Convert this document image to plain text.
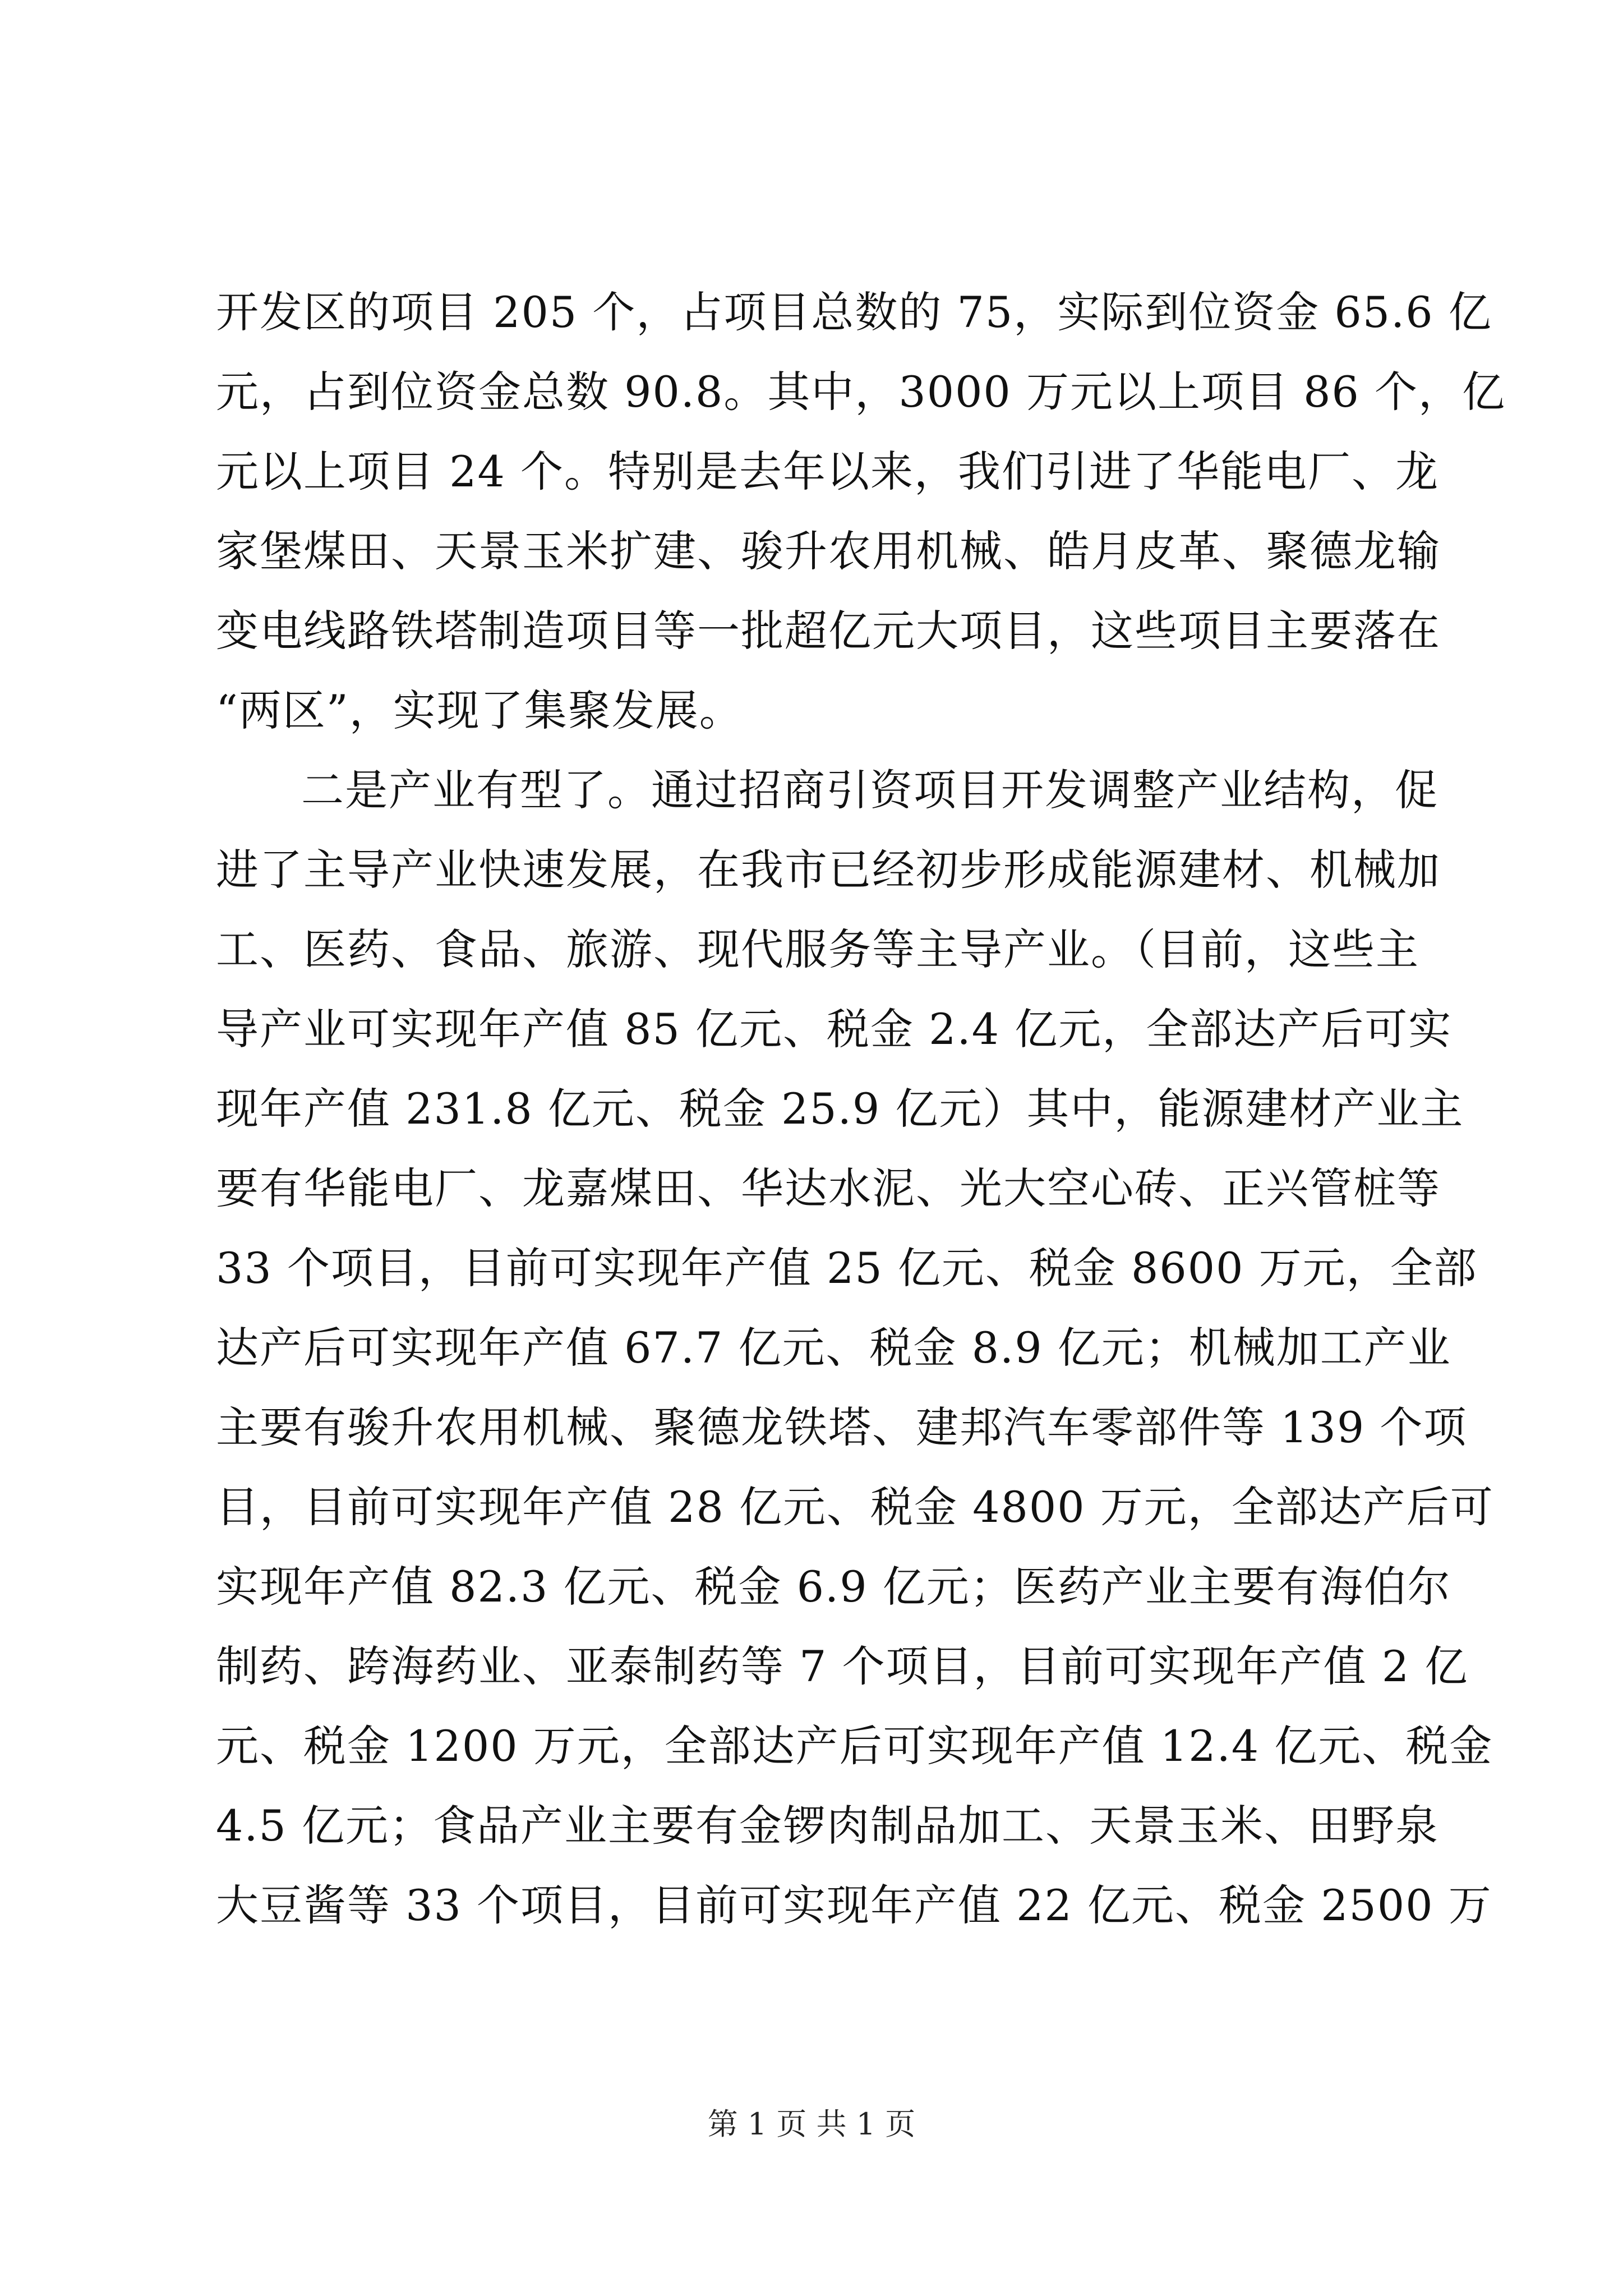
开发区的项目 205 个，占项目总数的 75，实际到位资金 65.6 亿
元，占到位资金总数 90.8。其中，3000 万元以上项目 86 个，亿
元以上项目 24 个。特别是去年以来，我们引进了华能电厂、龙
家堡煤田、天景玉米扩建、骏升农用机械、皓月皮革、聚德龙输
变电线路铁塔制造项目等一批超亿元大项目，这些项目主要落在
“两区”，实现了集聚发展。
二是产业有型了。通过招商引资项目开发调整产业结构，促
进了主导产业快速发展，在我市已经初步形成能源建材、机械加
工、医药、食品、旅游、现代服务等主导产业。（目前，这些主
导产业可实现年产值 85 亿元、税金 2.4 亿元，全部达产后可实
现年产值 231.8 亿元、税金 25.9 亿元）其中，能源建材产业主
要有华能电厂、龙嘉煤田、华达水泥、光大空心砖、正兴管桩等
33 个项目，目前可实现年产值 25 亿元、税金 8600 万元，全部
达产后可实现年产值 67.7 亿元、税金 8.9 亿元；机械加工产业
主要有骏升农用机械、聚德龙铁塔、建邦汽车零部件等 139 个项
目，目前可实现年产值 28 亿元、税金 4800 万元，全部达产后可
实现年产值 82.3 亿元、税金 6.9 亿元；医药产业主要有海伯尔
制药、跨海药业、亚泰制药等 7 个项目，目前可实现年产值 2 亿
元、税金 1200 万元，全部达产后可实现年产值 12.4 亿元、税金
4.5 亿元；食品产业主要有金锣肉制品加工、天景玉米、田野泉
大豆酱等 33 个项目，目前可实现年产值 22 亿元、税金 2500 万
第 1 页 共 1 页
